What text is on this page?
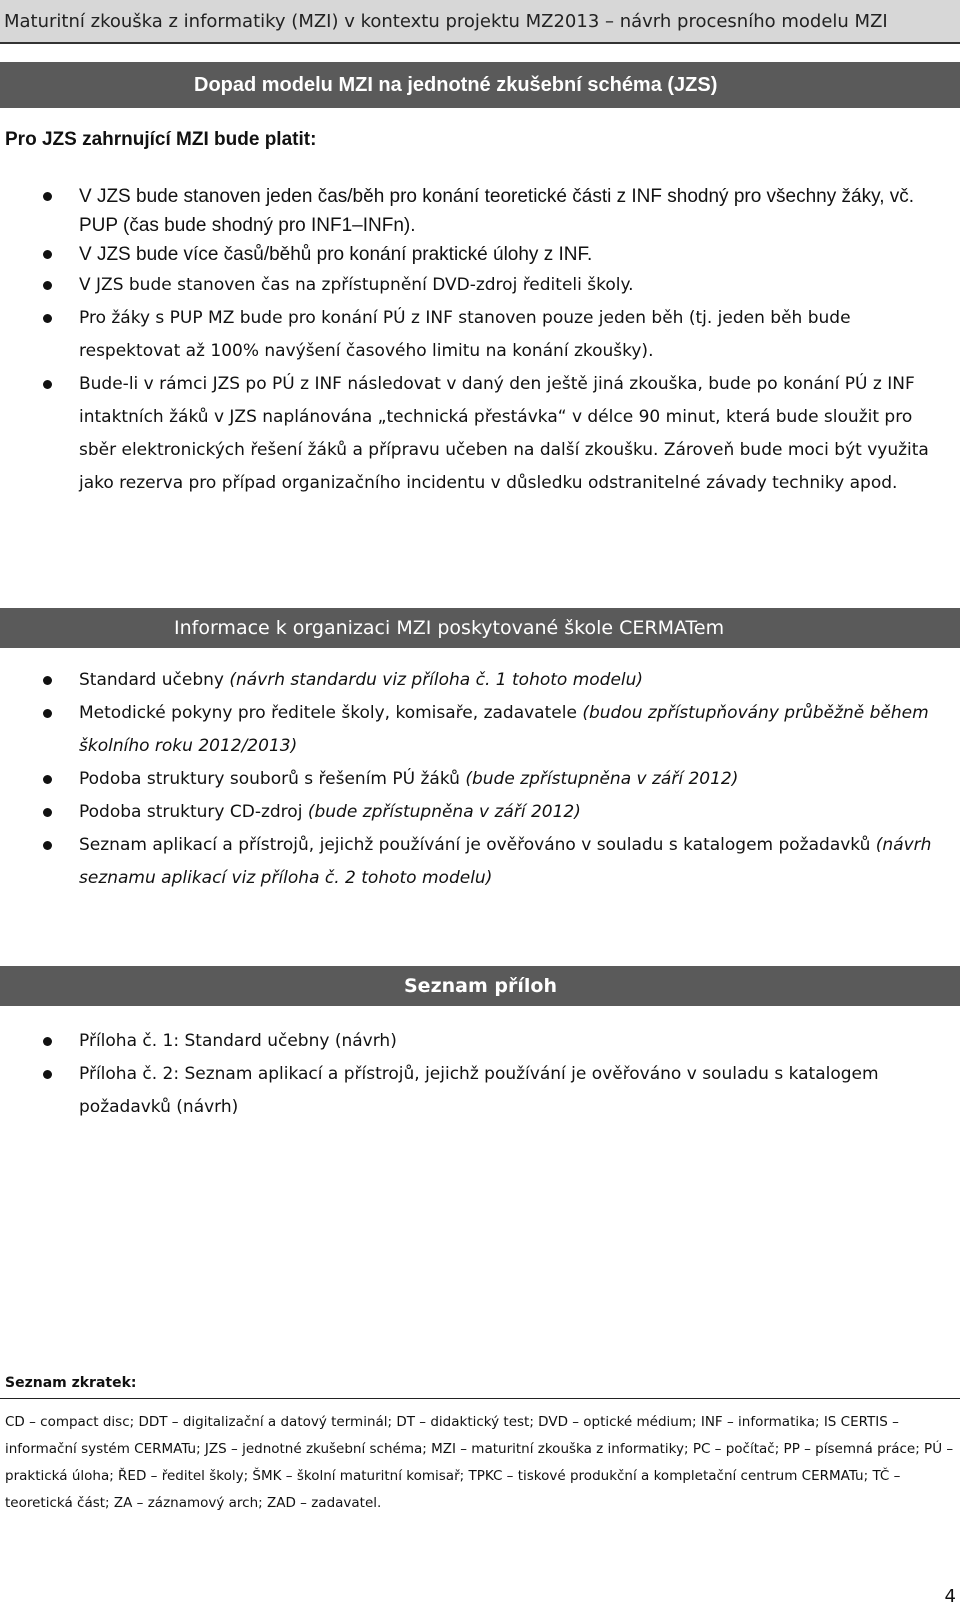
Maturitní zkouška z informatiky (MZI) v kontextu projektu MZ2013 – návrh procesního modelu MZI
Dopad modelu MZI na jednotné zkušební schéma (JZS)
Pro JZS zahrnující MZI bude platit:
V JZS bude stanoven jeden čas/běh pro konání teoretické části z INF shodný pro všechny žáky, vč. PUP (čas bude shodný pro INF1–INFn).
V JZS bude více časů/běhů pro konání praktické úlohy z INF.
V JZS bude stanoven čas na zpřístupnění DVD-zdroj řediteli školy.
Pro žáky s PUP MZ bude pro konání PÚ z INF stanoven pouze jeden běh (tj. jeden běh bude respektovat až 100% navýšení časového limitu na konání zkoušky).
Bude-li v rámci JZS po PÚ z INF následovat v daný den ještě jiná zkouška, bude po konání PÚ z INF intaktních žáků v JZS naplánována „technická přestávka“ v délce 90 minut, která bude sloužit pro sběr elektronických řešení žáků a přípravu učeben na další zkoušku. Zároveň bude moci být využita jako rezerva pro případ organizačního incidentu v důsledku odstranitelné závady techniky apod.
Informace k organizaci MZI poskytované škole CERMATem
Standard učebny (návrh standardu viz příloha č. 1 tohoto modelu)
Metodické pokyny pro ředitele školy, komisaře, zadavatele (budou zpřístupňovány průběžně během školního roku 2012/2013)
Podoba struktury souborů s řešením PÚ žáků (bude zpřístupněna v září 2012)
Podoba struktury CD-zdroj (bude zpřístupněna v září 2012)
Seznam aplikací a přístrojů, jejichž používání je ověřováno v souladu s katalogem požadavků (návrh seznamu aplikací viz příloha č. 2 tohoto modelu)
Seznam příloh
Příloha č. 1: Standard učebny (návrh)
Příloha č. 2: Seznam aplikací a přístrojů, jejichž používání je ověřováno v souladu s katalogem požadavků (návrh)
Seznam zkratek:
CD – compact disc; DDT – digitalizační a datový terminál; DT – didaktický test; DVD – optické médium; INF – informatika; IS CERTIS – informační systém CERMATu; JZS – jednotné zkušební schéma; MZI – maturitní zkouška z informatiky; PC – počítač; PP – písemná práce; PÚ – praktická úloha; ŘED – ředitel školy; ŠMK – školní maturitní komisař; TPKC – tiskové produkční a kompletační centrum CERMATu; TČ – teoretická část; ZA – záznamový arch; ZAD – zadavatel.
4
